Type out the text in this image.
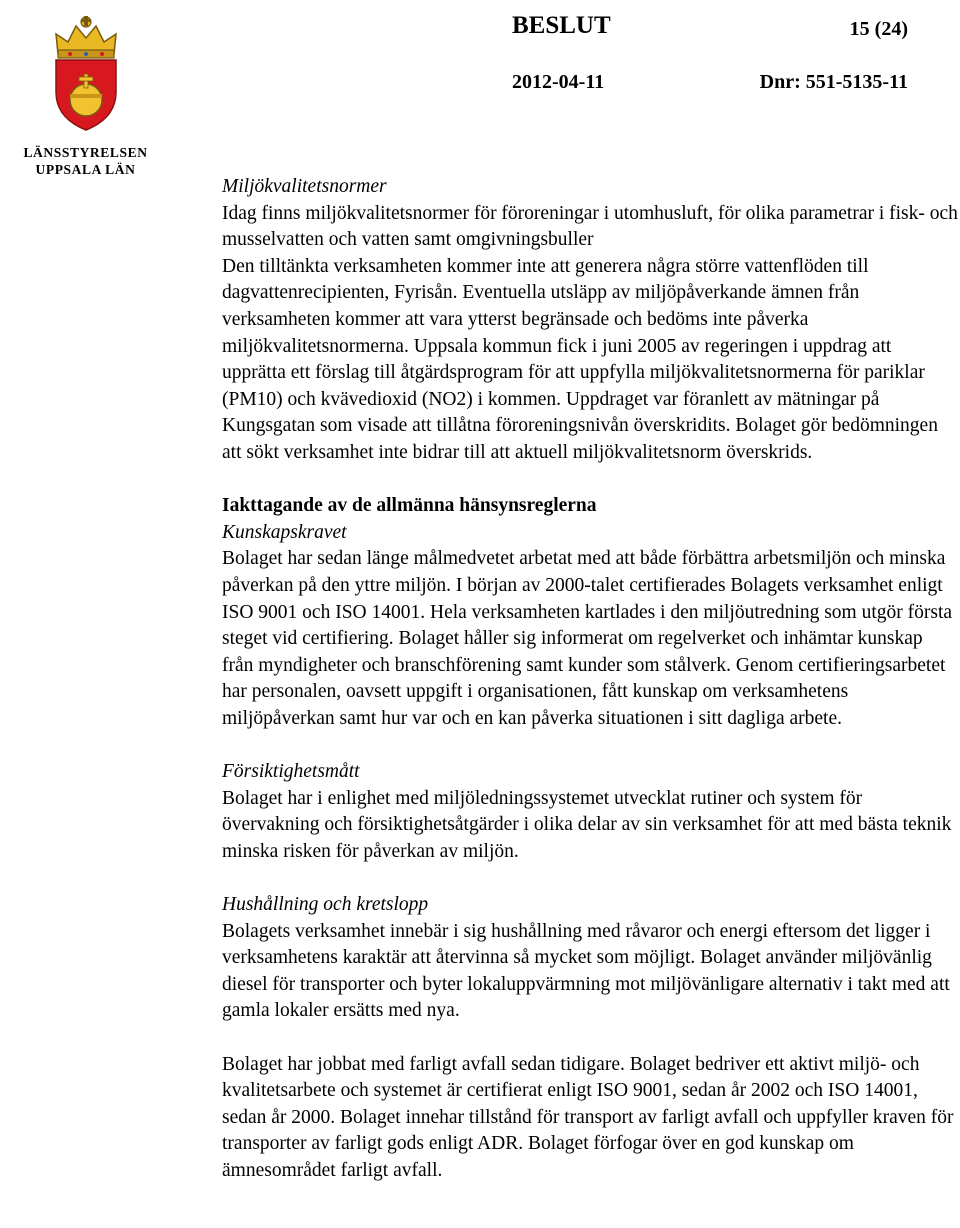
LÄNSSTYRELSEN
UPPSALA LÄN
BESLUT	15 (24)
2012-04-11	Dnr: 551-5135-11

Miljökvalitetsnormer

Idag finns miljökvalitetsnormer för föroreningar i utomhusluft, för olika parametrar i fisk- och musselvatten och vatten samt omgivningsbuller

Den tilltänkta verksamheten kommer inte att generera några större vattenflöden till dagvattenrecipienten, Fyrisån. Eventuella utsläpp av miljöpåverkande ämnen från verksamheten kommer att vara ytterst begränsade och bedöms inte påverka miljökvalitetsnormerna. Uppsala kommun fick i juni 2005 av regeringen i uppdrag att upprätta ett förslag till åtgärdsprogram för att uppfylla miljökvalitetsnormerna för pariklar (PM10) och kvävedioxid (NO2) i kommen. Uppdraget var föranlett av mätningar på Kungsgatan som visade att tillåtna föroreningsnivån överskridits. Bolaget gör bedömningen att sökt verksamhet inte bidrar till att aktuell miljökvalitetsnorm överskrids.

Iakttagande av de allmänna hänsynsreglerna

Kunskapskravet

Bolaget har sedan länge målmedvetet arbetat med att både förbättra arbetsmiljön och minska påverkan på den yttre miljön. I början av 2000-talet certifierades Bolagets verksamhet enligt ISO 9001 och ISO 14001. Hela verksamheten kartlades i den miljöutredning som utgör första steget vid certifiering. Bolaget håller sig informerat om regelverket och inhämtar kunskap från myndigheter och branschförening samt kunder som stålverk. Genom certifieringsarbetet har personalen, oavsett uppgift i organisationen, fått kunskap om verksamhetens miljöpåverkan samt hur var och en kan påverka situationen i sitt dagliga arbete.

Försiktighetsmått

Bolaget har i enlighet med miljöledningssystemet utvecklat rutiner och system för övervakning och försiktighetsåtgärder i olika delar av sin verksamhet för att med bästa teknik minska risken för påverkan av miljön.

Hushållning och kretslopp

Bolagets verksamhet innebär i sig hushållning med råvaror och energi eftersom det ligger i verksamhetens karaktär att återvinna så mycket som möjligt. Bolaget använder miljövänlig diesel för transporter och byter lokaluppvärmning mot miljövänligare alternativ i takt med att gamla lokaler ersätts med nya.

Bolaget har jobbat med farligt avfall sedan tidigare. Bolaget bedriver ett aktivt miljö- och kvalitetsarbete och systemet är certifierat enligt ISO 9001, sedan år 2002 och ISO 14001, sedan år 2000. Bolaget innehar tillstånd för transport av farligt avfall och uppfyller kraven för transporter av farligt gods enligt ADR. Bolaget förfogar över en god kunskap om ämnesområdet farligt avfall.
